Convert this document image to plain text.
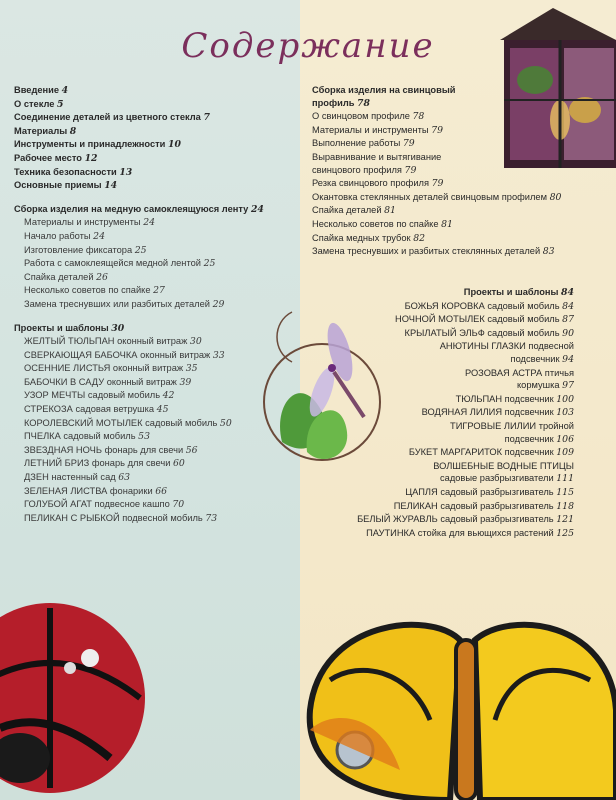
Содержание
Введение 4
О стекле 5
Соединение деталей из цветного стекла 7
Материалы 8
Инструменты и принадлежности 10
Рабочее место 12
Техника безопасности 13
Основные приемы 14
Сборка изделия на медную самоклеящуюся ленту 24
Материалы и инструменты 24
Начало работы 24
Изготовление фиксатора 25
Работа с самоклеящейся медной лентой 25
Спайка деталей 26
Несколько советов по спайке 27
Замена треснувших или разбитых деталей 29
Проекты и шаблоны 30
ЖЕЛТЫЙ ТЮЛЬПАН оконный витраж 30
СВЕРКАЮЩАЯ БАБОЧКА оконный витраж 33
ОСЕННИЕ ЛИСТЬЯ оконный витраж 35
БАБОЧКИ В САДУ оконный витраж 39
УЗОР МЕЧТЫ садовый мобиль 42
СТРЕКОЗА садовая ветрушка 45
КОРОЛЕВСКИЙ МОТЫЛЕК садовый мобиль 50
ПЧЕЛКА садовый мобиль 53
ЗВЕЗДНАЯ НОЧЬ фонарь для свечи 56
ЛЕТНИЙ БРИЗ фонарь для свечи 60
ДЗЕН настенный сад 63
ЗЕЛЕНАЯ ЛИСТВА фонарики 66
ГОЛУБОЙ АГАТ подвесное кашпо 70
ПЕЛИКАН С РЫБКОЙ подвесной мобиль 73
Сборка изделия на свинцовый
профиль 78
О свинцовом профиле 78
Материалы и инструменты 79
Выполнение работы 79
Выравнивание и вытягивание
свинцового профиля 79
Резка свинцового профиля 79
Окантовка стеклянных деталей свинцовым профилем 80
Спайка деталей 81
Несколько советов по спайке 81
Спайка медных трубок 82
Замена треснувших и разбитых стеклянных деталей 83
Проекты и шаблоны 84
БОЖЬЯ КОРОВКА садовый мобиль 84
НОЧНОЙ МОТЫЛЕК садовый мобиль 87
КРЫЛАТЫЙ ЭЛЬФ садовый мобиль 90
АНЮТИНЫ ГЛАЗКИ подвесной
подсвечник 94
РОЗОВАЯ АСТРА птичья
кормушка 97
ТЮЛЬПАН подсвечник 100
ВОДЯНАЯ ЛИЛИЯ подсвечник 103
ТИГРОВЫЕ ЛИЛИИ тройной
подсвечник 106
БУКЕТ МАРГАРИТОК подсвечник 109
ВОЛШЕБНЫЕ ВОДНЫЕ ПТИЦЫ
садовые разбрызгиватели 111
ЦАПЛЯ садовый разбрызгиватель 115
ПЕЛИКАН садовый разбрызгиватель 118
БЕЛЫЙ ЖУРАВЛЬ садовый разбрызгиватель 121
ПАУТИНКА стойка для вьющихся растений 125
